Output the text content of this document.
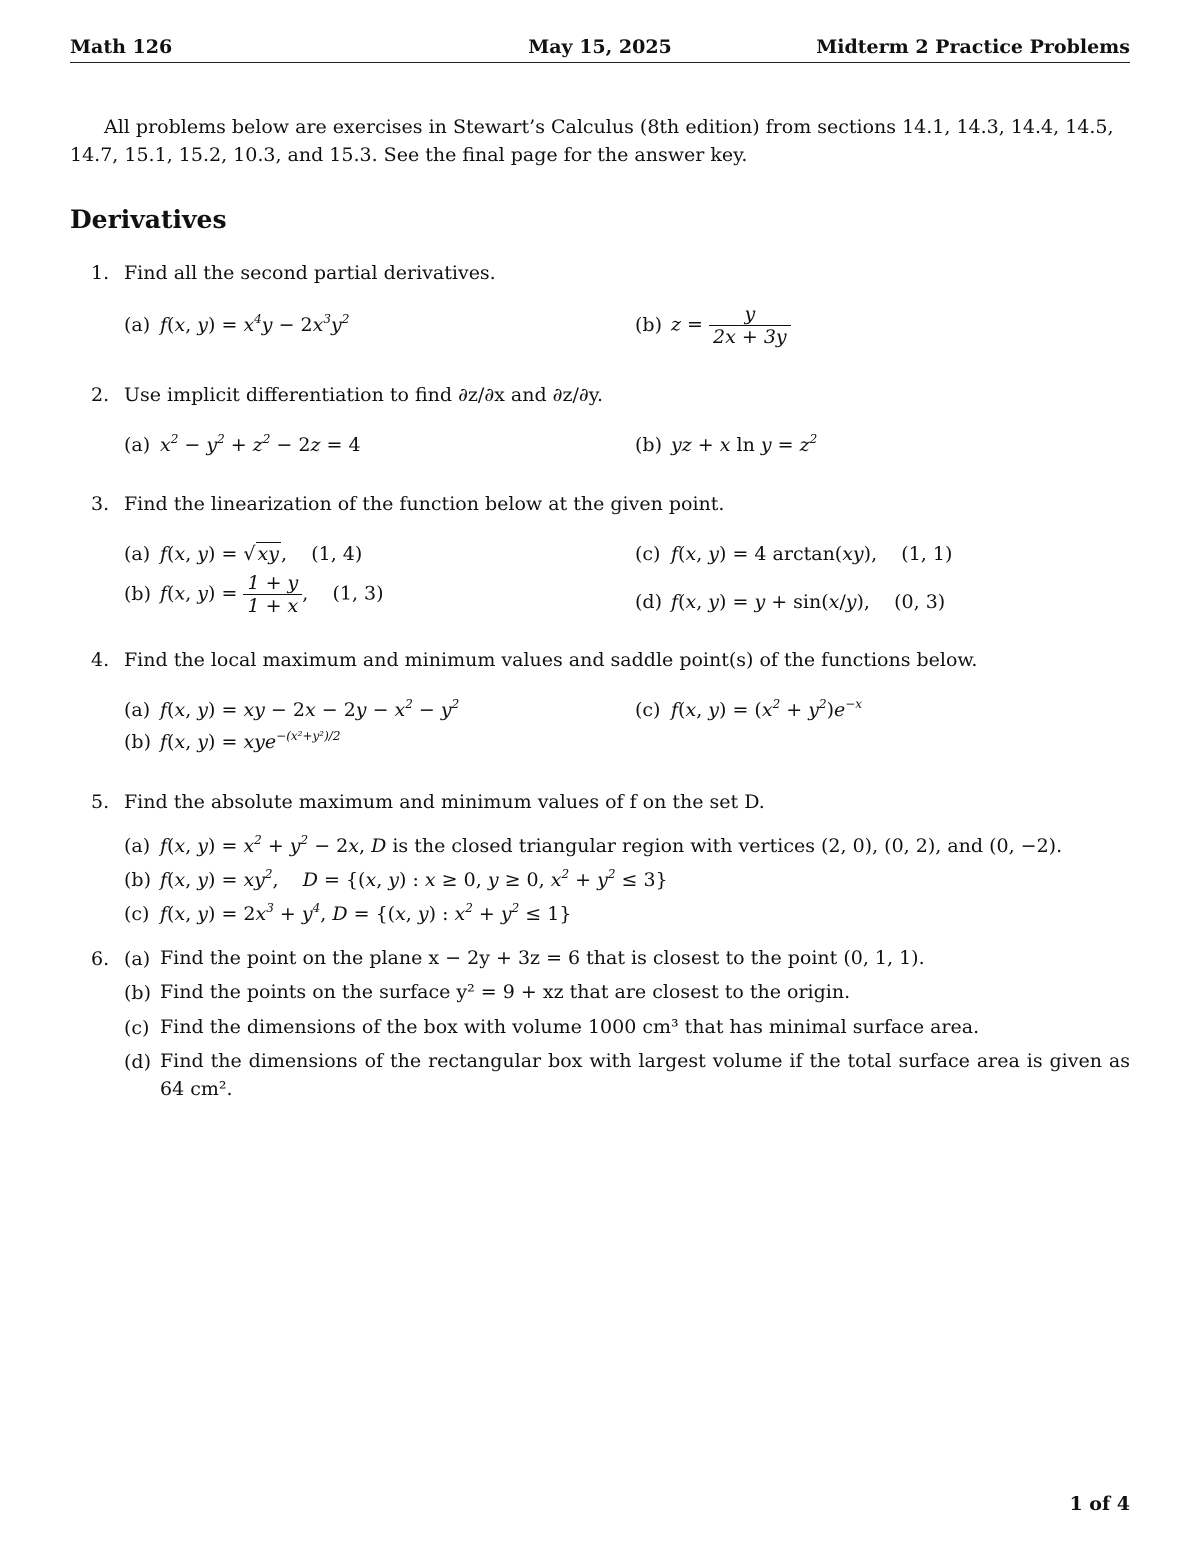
Math 126	May 15, 2025	Midterm 2 Practice Problems
All problems below are exercises in Stewart’s Calculus (8th edition) from sections 14.1, 14.3, 14.4, 14.5, 14.7, 15.1, 15.2, 10.3, and 15.3. See the final page for the answer key.
Derivatives
1. Find all the second partial derivatives.
(a) f(x, $y) = x^4y - 2x^3y^2$	(b) $z = \frac{y}{2x + 3y}$
2. Use implicit differentiation to find ∂z/∂x and ∂z/∂y.
(a) $x^2 - y^2 + z^2 - 2z = 4$	(b) yz + x $\ln y = z^2$
3. Find the linearization of the function below at the given point.
(a) f(x, y) = √ xy ,    (1, 4)
(b) f(x, $y) = \frac{1 + y}{1 + x}$ ,    (1, 3)
(c) f(x, y) = 4 arctan(xy),    (1, 1)
(d) f(x, y) = y + sin(x/y),    (0, 3)
4. Find the local maximum and minimum values and saddle point(s) of the functions below.
(a) f(x, y) = xy − $2x - 2y - x^2 - y^2$
(b) f(x, y) = xye$^{-(x^2+y^2)/2}$
(c) f(x, $y) = (x^2 + y^2)e^{-x}$
5. Find the absolute maximum and minimum values of f on the set D.
(a) f(x, $y) = x^2 + y^2 - 2x$, D is the closed triangular region with vertices (2, 0), (0, 2), and (0, −2).
(b) f(x, $y) = xy^2$,    D = {(x, y) : x ≥ 0, y ≥ 0, $x^2 + y^2 \le 3$}
(c) f(x, $y) = 2x^3 + y^4$, D = {(x, y) : $x^2 + y^2 \le 1$}
6. (a) Find the point on the plane x − 2y + 3z = 6 that is closest to the point (0, 1, 1).
(b) Find the points on the surface y² = 9 + xz that are closest to the origin.
(c) Find the dimensions of the box with volume 1000 cm³ that has minimal surface area.
(d) Find the dimensions of the rectangular box with largest volume if the total surface area is given as 64 cm².
1 of 4
